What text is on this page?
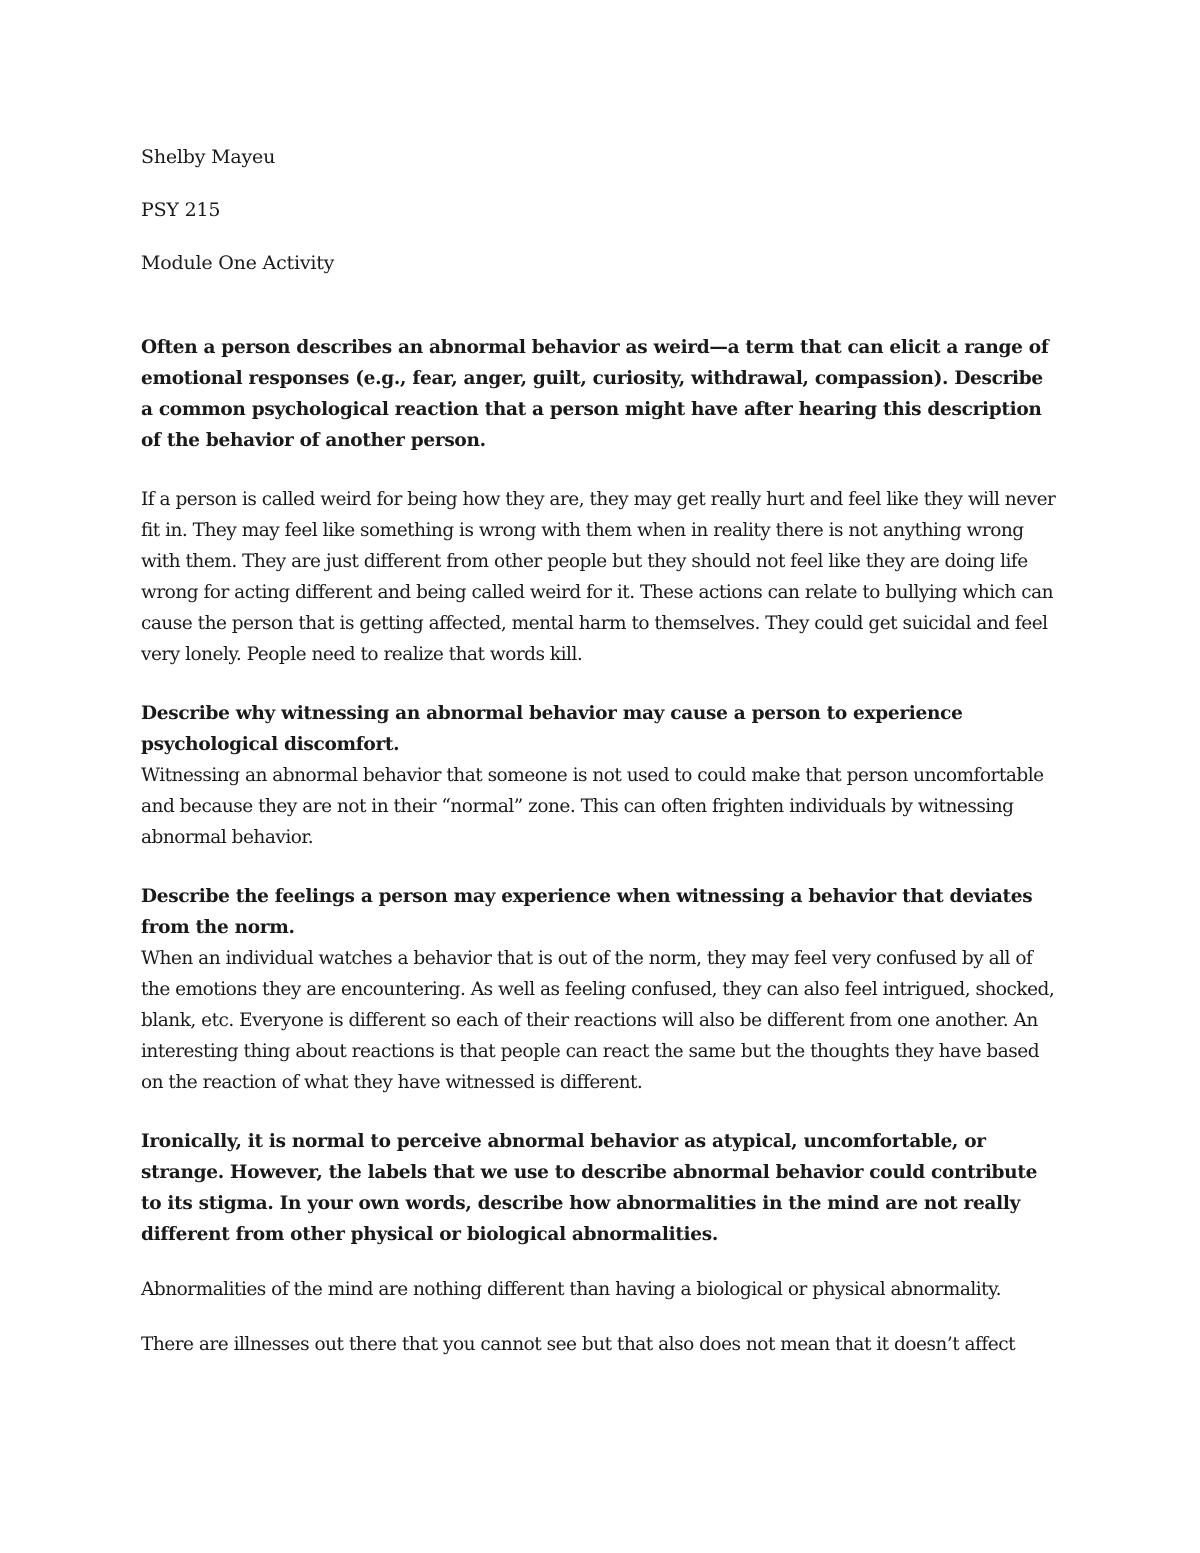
Shelby Mayeu

PSY 215

Module One Activity

Often a person describes an abnormal behavior as weird—a term that can elicit a range of emotional responses (e.g., fear, anger, guilt, curiosity, withdrawal, compassion). Describe a common psychological reaction that a person might have after hearing this description of the behavior of another person.

If a person is called weird for being how they are, they may get really hurt and feel like they will never fit in. They may feel like something is wrong with them when in reality there is not anything wrong with them. They are just different from other people but they should not feel like they are doing life wrong for acting different and being called weird for it. These actions can relate to bullying which can cause the person that is getting affected, mental harm to themselves. They could get suicidal and feel very lonely. People need to realize that words kill.

Describe why witnessing an abnormal behavior may cause a person to experience psychological discomfort.

Witnessing an abnormal behavior that someone is not used to could make that person uncomfortable and because they are not in their “normal” zone. This can often frighten individuals by witnessing abnormal behavior.

Describe the feelings a person may experience when witnessing a behavior that deviates from the norm.

When an individual watches a behavior that is out of the norm, they may feel very confused by all of the emotions they are encountering. As well as feeling confused, they can also feel intrigued, shocked, blank, etc. Everyone is different so each of their reactions will also be different from one another. An interesting thing about reactions is that people can react the same but the thoughts they have based on the reaction of what they have witnessed is different.

Ironically, it is normal to perceive abnormal behavior as atypical, uncomfortable, or strange. However, the labels that we use to describe abnormal behavior could contribute to its stigma. In your own words, describe how abnormalities in the mind are not really different from other physical or biological abnormalities.

Abnormalities of the mind are nothing different than having a biological or physical abnormality.

There are illnesses out there that you cannot see but that also does not mean that it doesn’t affect
